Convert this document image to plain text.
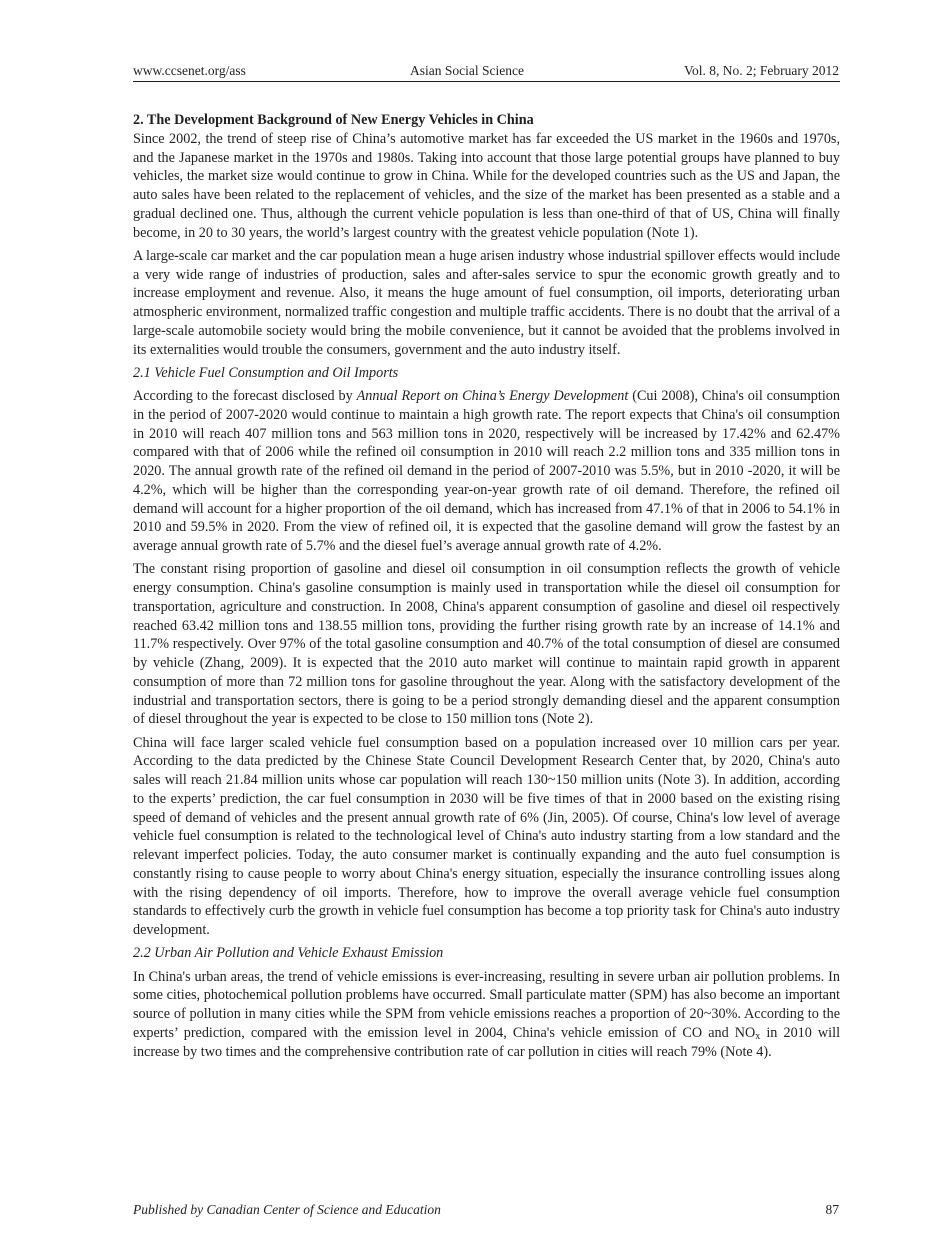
www.ccsenet.org/ass	Asian Social Science	Vol. 8, No. 2; February 2012
2. The Development Background of New Energy Vehicles in China

Since 2002, the trend of steep rise of China’s automotive market has far exceeded the US market in the 1960s and 1970s, and the Japanese market in the 1970s and 1980s. Taking into account that those large potential groups have planned to buy vehicles, the market size would continue to grow in China. While for the developed countries such as the US and Japan, the auto sales have been related to the replacement of vehicles, and the size of the market has been presented as a stable and a gradual declined one. Thus, although the current vehicle population is less than one-third of that of US, China will finally become, in 20 to 30 years, the world’s largest country with the greatest vehicle population (Note 1).

A large-scale car market and the car population mean a huge arisen industry whose industrial spillover effects would include a very wide range of industries of production, sales and after-sales service to spur the economic growth greatly and to increase employment and revenue. Also, it means the huge amount of fuel consumption, oil imports, deteriorating urban atmospheric environment, normalized traffic congestion and multiple traffic accidents. There is no doubt that the arrival of a large-scale automobile society would bring the mobile convenience, but it cannot be avoided that the problems involved in its externalities would trouble the consumers, government and the auto industry itself.

2.1 Vehicle Fuel Consumption and Oil Imports

According to the forecast disclosed by Annual Report on China’s Energy Development (Cui 2008), China's oil consumption in the period of 2007-2020 would continue to maintain a high growth rate. The report expects that China's oil consumption in 2010 will reach 407 million tons and 563 million tons in 2020, respectively will be increased by 17.42% and 62.47% compared with that of 2006 while the refined oil consumption in 2010 will reach 2.2 million tons and 335 million tons in 2020. The annual growth rate of the refined oil demand in the period of 2007-2010 was 5.5%, but in 2010 -2020, it will be 4.2%, which will be higher than the corresponding year-on-year growth rate of oil demand. Therefore, the refined oil demand will account for a higher proportion of the oil demand, which has increased from 47.1% of that in 2006 to 54.1% in 2010 and 59.5% in 2020. From the view of refined oil, it is expected that the gasoline demand will grow the fastest by an average annual growth rate of 5.7% and the diesel fuel’s average annual growth rate of 4.2%.

The constant rising proportion of gasoline and diesel oil consumption in oil consumption reflects the growth of vehicle energy consumption. China's gasoline consumption is mainly used in transportation while the diesel oil consumption for transportation, agriculture and construction. In 2008, China's apparent consumption of gasoline and diesel oil respectively reached 63.42 million tons and 138.55 million tons, providing the further rising growth rate by an increase of 14.1% and 11.7% respectively. Over 97% of the total gasoline consumption and 40.7% of the total consumption of diesel are consumed by vehicle (Zhang, 2009). It is expected that the 2010 auto market will continue to maintain rapid growth in apparent consumption of more than 72 million tons for gasoline throughout the year. Along with the satisfactory development of the industrial and transportation sectors, there is going to be a period strongly demanding diesel and the apparent consumption of diesel throughout the year is expected to be close to 150 million tons (Note 2).

China will face larger scaled vehicle fuel consumption based on a population increased over 10 million cars per year. According to the data predicted by the Chinese State Council Development Research Center that, by 2020, China's auto sales will reach 21.84 million units whose car population will reach 130~150 million units (Note 3). In addition, according to the experts’ prediction, the car fuel consumption in 2030 will be five times of that in 2000 based on the existing rising speed of demand of vehicles and the present annual growth rate of 6% (Jin, 2005). Of course, China's low level of average vehicle fuel consumption is related to the technological level of China's auto industry starting from a low standard and the relevant imperfect policies. Today, the auto consumer market is continually expanding and the auto fuel consumption is constantly rising to cause people to worry about China's energy situation, especially the insurance controlling issues along with the rising dependency of oil imports. Therefore, how to improve the overall average vehicle fuel consumption standards to effectively curb the growth in vehicle fuel consumption has become a top priority task for China's auto industry development.

2.2 Urban Air Pollution and Vehicle Exhaust Emission

In China's urban areas, the trend of vehicle emissions is ever-increasing, resulting in severe urban air pollution problems. In some cities, photochemical pollution problems have occurred. Small particulate matter (SPM) has also become an important source of pollution in many cities while the SPM from vehicle emissions reaches a proportion of 20~30%. According to the experts’ prediction, compared with the emission level in 2004, China's vehicle emission of CO and $NO_x$ in 2010 will increase by two times and the comprehensive contribution rate of car pollution in cities will reach 79% (Note 4).

Published by Canadian Center of Science and Education	87
